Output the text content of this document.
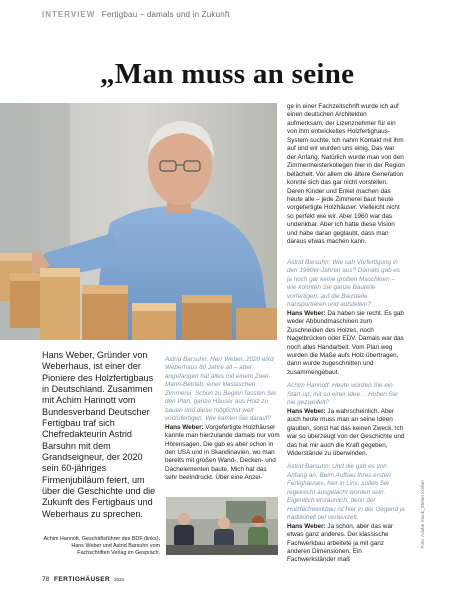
INTERVIEW Fertigbau – damals und in Zukunft
„Man muss an seine

ge in einer Fachzeitschrift wurde ich auf einen deutschen Architekten aufmerksam, der Lizenznehmer für ein von ihm entwickeltes Holzfertighaus-System suchte. Ich nahm Kontakt mit ihm auf und wir wurden uns einig. Das war der Anfang. Natürlich wurde man von den Zimmermeisterkollegen hier in der Region belächelt. Vor allem die ältere Generation konnte sich das gar nicht vorstellen. Deren Kinder und Enkel machen das heute alle – jede Zimmerei baut heute vorgefertigte Holzhäuser. Vielleicht nicht so perfekt wie wir. Aber 1960 war das undenkbar. Aber ich hatte diese Vision und habe daran geglaubt, dass man daraus etwas machen kann.

Astrid Barsuhn: Wie sah Vorfertigung in den 1960er-Jahren aus? Damals gab es ja noch gar keine großen Maschinen – wie konnten Sie ganze Bauteile vorfertigen, auf die Baustelle transportieren und aufstellen?

Hans Weber: Da haben sie recht. Es gab weder Abbundmaschinen zum Zuschneiden des Holzes, noch Nagelbrücken oder EDV. Damals war das noch alles Handarbeit. Vom Plan weg wurden die Maße aufs Holz übertragen, dann wurde zugeschnitten und zusammengebaut.

Achim Hannott: Heute würden Sie ein Start-up, mit so einer Idee… Hoben Sie nie gezweifelt?

Hans Weber: Ja wahrscheinlich. Aber auch heute muss man an seine Ideen glauben, sonst hat das keinen Zweck. Ich war so überzeugt von der Geschichte und das hat mir auch die Kraft gegeben, Widerstände zu überwinden.

Astrid Barsuhn: Und die gab es von Anfang an. Beim Aufbau Ihres ersten Fertighauses, hier in Linx, sollen Sie regelrecht ausgelacht worden sein. Eigentlich erstaunlich, denn der Holzfachwerkbau ist hier in der Gegend ja traditionell tief verwurzelt.

Hans Weber: Ja schon, aber das war etwas ganz anderes. Der klassische Fachwerkbau arbeitete ja mit ganz anderen Dimensionen: Ein Fachwerkständer maß

Hans Weber, Gründer von Weberhaus, ist einer der Pioniere des Holzfertigbaus in Deutschland. Zusammen mit Achim Hannott vom Bundesverband Deutscher Fertigbau traf sich Chefredakteurin Astrid Barsuhn mit dem Grandseigneur, der 2020 sein 60-jähriges Firmenjubiläum feiert, um über die Geschichte und die Zukunft des Fertigbaus und Weberhaus zu sprechen.

Astrid Barsuhn: Herr Weber, 2020 wird Weberhaus 60 Jahre alt – aber angefangen hat alles mit einem Zwei-Mann-Betrieb, einer klassischen Zimmerei. Schon zu Beginn fassten Sie den Plan, ganze Häuser aus Holz zu bauen und diese möglichst weit vorzufertigen. Wie kamen Sie darauf?

Hans Weber: Vorgefertigte Holzhäuser kannte man hierzulande damals nur vom Hörensagen. Die gab es aber schon in den USA und in Skandinavien, wo man bereits mit großen Wand-, Decken- und Dachelementen baute. Mich hat das sehr beeindruckt. Über eine Anzei-

Achim Hannott, Geschäftsführer des BDF (links), Hans Weber und Astrid Barsuhn vom Fachschriften Verlag im Gespräch.
Foto: Adobe Stock_Stefan Körber
78 FERTIGHÄUSER 2020
